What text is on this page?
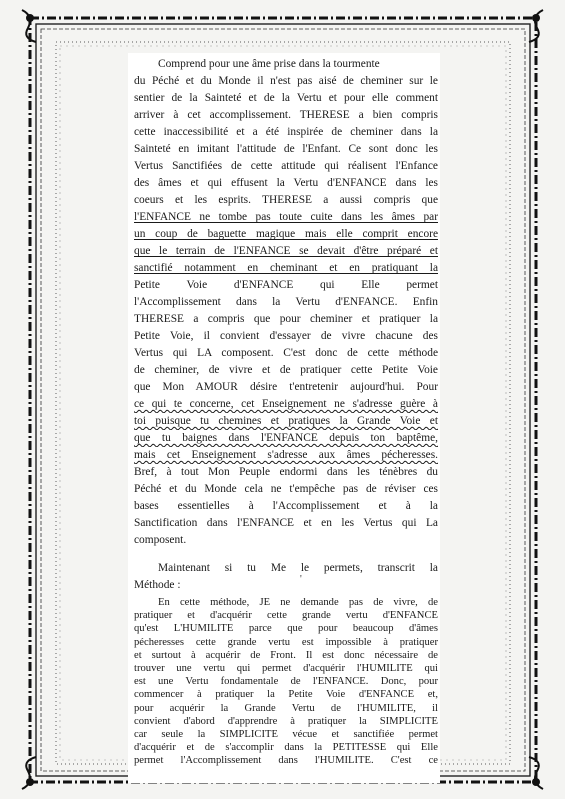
Comprend pour une âme prise dans la tourmente
du Péché et du Monde il n'est pas aisé de cheminer sur le
sentier de la Sainteté et de la Vertu et pour elle comment
arriver à cet accomplissement. THERESE a bien compris
cette inaccessibilité et a été inspirée de cheminer dans la
Sainteté en imitant l'attitude de l'Enfant. Ce sont donc les
Vertus Sanctifiées de cette attitude qui réalisent l'Enfance
des âmes et qui effusent la Vertu d'ENFANCE dans les
coeurs et les esprits. THERESE a aussi compris que
l'ENFANCE ne tombe pas toute cuite dans les âmes par
un coup de baguette magique mais elle comprit encore
que le terrain de l'ENFANCE se devait d'être préparé et
sanctifié notamment en cheminant et en pratiquant la
Petite Voie d'ENFANCE qui Elle permet
l'Accomplissement dans la Vertu d'ENFANCE. Enfin
THERESE a compris que pour cheminer et pratiquer la
Petite Voie, il convient d'essayer de vivre chacune des
Vertus qui LA composent. C'est donc de cette méthode
de cheminer, de vivre et de pratiquer cette Petite Voie
que Mon AMOUR désire t'entretenir aujourd'hui. Pour
ce qui te concerne, cet Enseignement ne s'adresse guère à
toi puisque tu chemines et pratiques la Grande Voie et
que tu baignes dans l'ENFANCE depuis ton baptême,
mais cet Enseignement s'adresse aux âmes pécheresses.
Bref, à tout Mon Peuple endormi dans les ténèbres du
Péché et du Monde cela ne t'empêche pas de réviser ces
bases essentielles à l'Accomplissement et à la
Sanctification dans l'ENFANCE et en les Vertus qui La
composent.
Maintenant si tu Me le permets, transcrit la
Méthode :	'
En cette méthode, JE ne demande pas de vivre, de
pratiquer et d'acquérir cette grande vertu d'ENFANCE
qu'est L'HUMILITE parce que pour beaucoup d'âmes
pécheresses cette grande vertu est impossible à pratiquer
et surtout à acquérir de Front. Il est donc nécessaire de
trouver une vertu qui permet d'acquérir l'HUMILITE qui
est une Vertu fondamentale de l'ENFANCE. Donc, pour
commencer à pratiquer la Petite Voie d'ENFANCE et,
pour acquérir la Grande Vertu de l'HUMILITE, il
convient d'abord d'apprendre à pratiquer la SIMPLICITE
car seule la SIMPLICITE vécue et sanctifiée permet
d'acquérir et de s'accomplir dans la PETITESSE qui Elle
permet l'Accomplissement dans l'HUMILITE. C'est ce
